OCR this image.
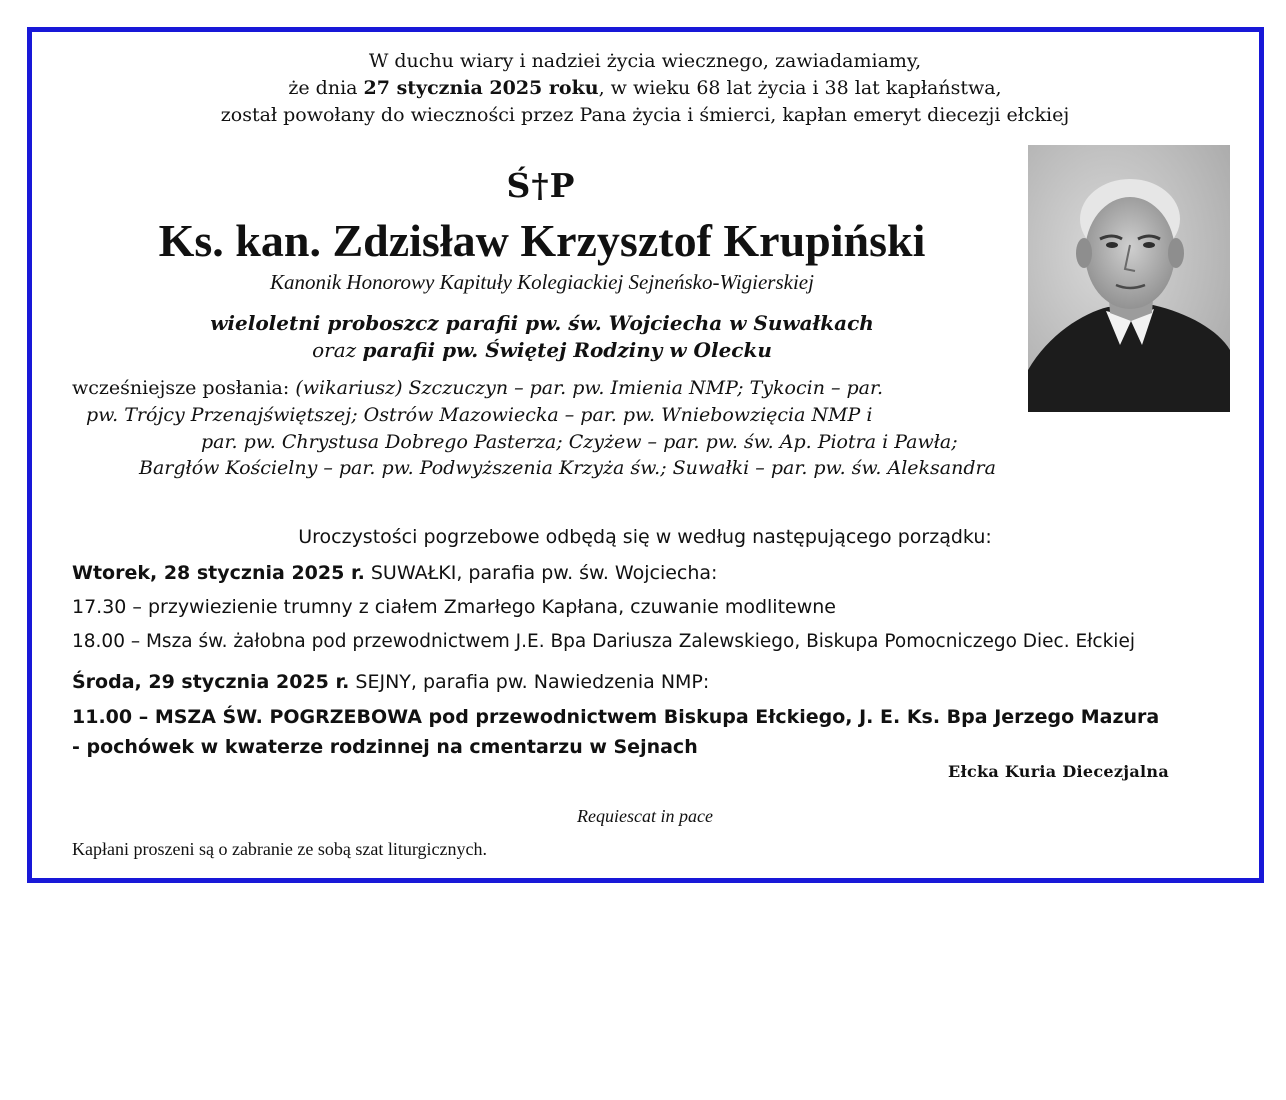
W duchu wiary i nadziei życia wiecznego, zawiadamiamy,
że dnia 27 stycznia 2025 roku, w wieku 68 lat życia i 38 lat kapłaństwa,
został powołany do wieczności przez Pana życia i śmierci, kapłan emeryt diecezji ełckiej
Ś†P
Ks. kan. Zdzisław Krzysztof Krupiński
Kanonik Honorowy Kapituły Kolegiackiej Sejneńsko-Wigierskiej
wieloletni proboszcz parafii pw. św. Wojciecha w Suwałkach
oraz parafii pw. Świętej Rodziny w Olecku
wcześniejsze posłania: (wikariusz) Szczuczyn – par. pw. Imienia NMP; Tykocin – par.
pw. Trójcy Przenajświętszej; Ostrów Mazowiecka – par. pw. Wniebowzięcia NMP i
par. pw. Chrystusa Dobrego Pasterza; Czyżew – par. pw. św. Ap. Piotra i Pawła;
Bargłów Kościelny – par. pw. Podwyższenia Krzyża św.; Suwałki – par. pw. św. Aleksandra
Uroczystości pogrzebowe odbędą się w według następującego porządku:
Wtorek, 28 stycznia 2025 r. SUWAŁKI, parafia pw. św. Wojciecha:
17.30 – przywiezienie trumny z ciałem Zmarłego Kapłana, czuwanie modlitewne
18.00 – Msza św. żałobna pod przewodnictwem J.E. Bpa Dariusza Zalewskiego, Biskupa Pomocniczego Diec. Ełckiej
Środa, 29 stycznia 2025 r. SEJNY, parafia pw. Nawiedzenia NMP:
11.00 – MSZA ŚW. POGRZEBOWA pod przewodnictwem Biskupa Ełckiego, J. E. Ks. Bpa Jerzego Mazura
- pochówek w kwaterze rodzinnej na cmentarzu w Sejnach
Ełcka Kuria Diecezjalna
Requiescat in pace
Kapłani proszeni są o zabranie ze sobą szat liturgicznych.
